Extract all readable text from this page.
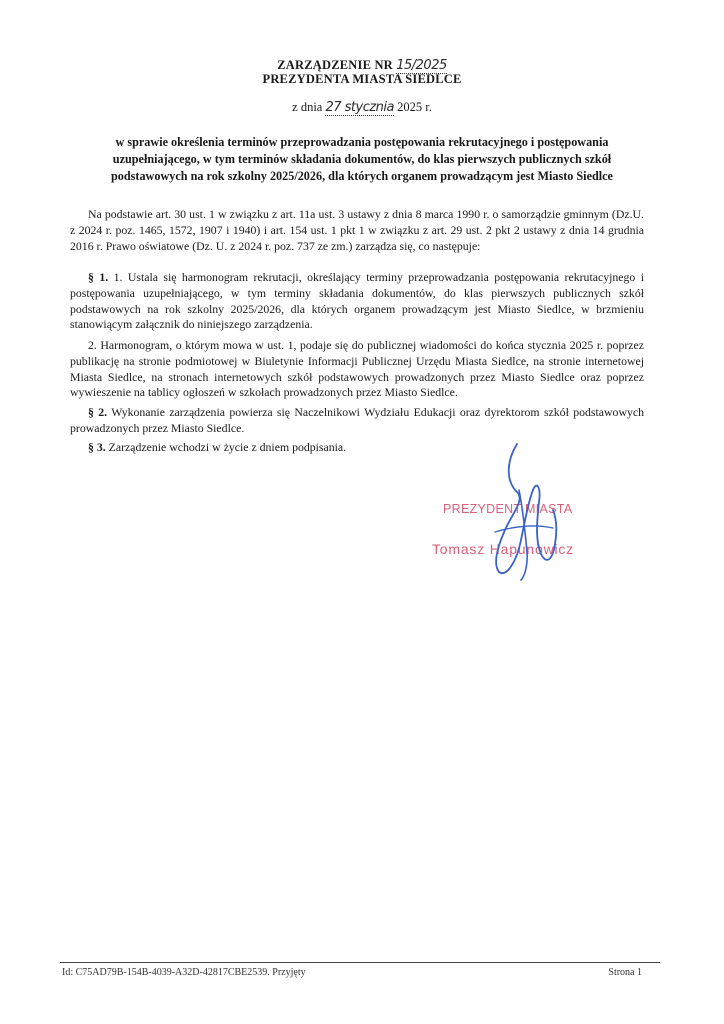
ZARZĄDZENIE NR 15/2025
PREZYDENTA MIASTA SIEDLCE
z dnia 27 stycznia 2025 r.
w sprawie określenia terminów przeprowadzania postępowania rekrutacyjnego i postępowania uzupełniającego, w tym terminów składania dokumentów, do klas pierwszych publicznych szkół podstawowych na rok szkolny 2025/2026, dla których organem prowadzącym jest Miasto Siedlce
Na podstawie art. 30 ust. 1 w związku z art. 11a ust. 3 ustawy z dnia 8 marca 1990 r. o samorządzie gminnym (Dz.U. z 2024 r. poz. 1465, 1572, 1907 i 1940) i art. 154 ust. 1 pkt 1 w związku z art. 29 ust. 2 pkt 2 ustawy z dnia 14 grudnia 2016 r. Prawo oświatowe (Dz. U. z 2024 r. poz. 737 ze zm.) zarządza się, co następuje:
§ 1. 1. Ustala się harmonogram rekrutacji, określający terminy przeprowadzania postępowania rekrutacyjnego i postępowania uzupełniającego, w tym terminy składania dokumentów, do klas pierwszych publicznych szkół podstawowych na rok szkolny 2025/2026, dla których organem prowadzącym jest Miasto Siedlce, w brzmieniu stanowiącym załącznik do niniejszego zarządzenia.
2. Harmonogram, o którym mowa w ust. 1, podaje się do publicznej wiadomości do końca stycznia 2025 r. poprzez publikację na stronie podmiotowej w Biuletynie Informacji Publicznej Urzędu Miasta Siedlce, na stronie internetowej Miasta Siedlce, na stronach internetowych szkół podstawowych prowadzonych przez Miasto Siedlce oraz poprzez wywieszenie na tablicy ogłoszeń w szkołach prowadzonych przez Miasto Siedlce.
§ 2. Wykonanie zarządzenia powierza się Naczelnikowi Wydziału Edukacji oraz dyrektorom szkół podstawowych prowadzonych przez Miasto Siedlce.
§ 3. Zarządzenie wchodzi w życie z dniem podpisania.
PREZYDENT MIASTA
Tomasz Hapunowicz
Id: C75AD79B-154B-4039-A32D-42817CBE2539. Przyjęty	Strona 1
